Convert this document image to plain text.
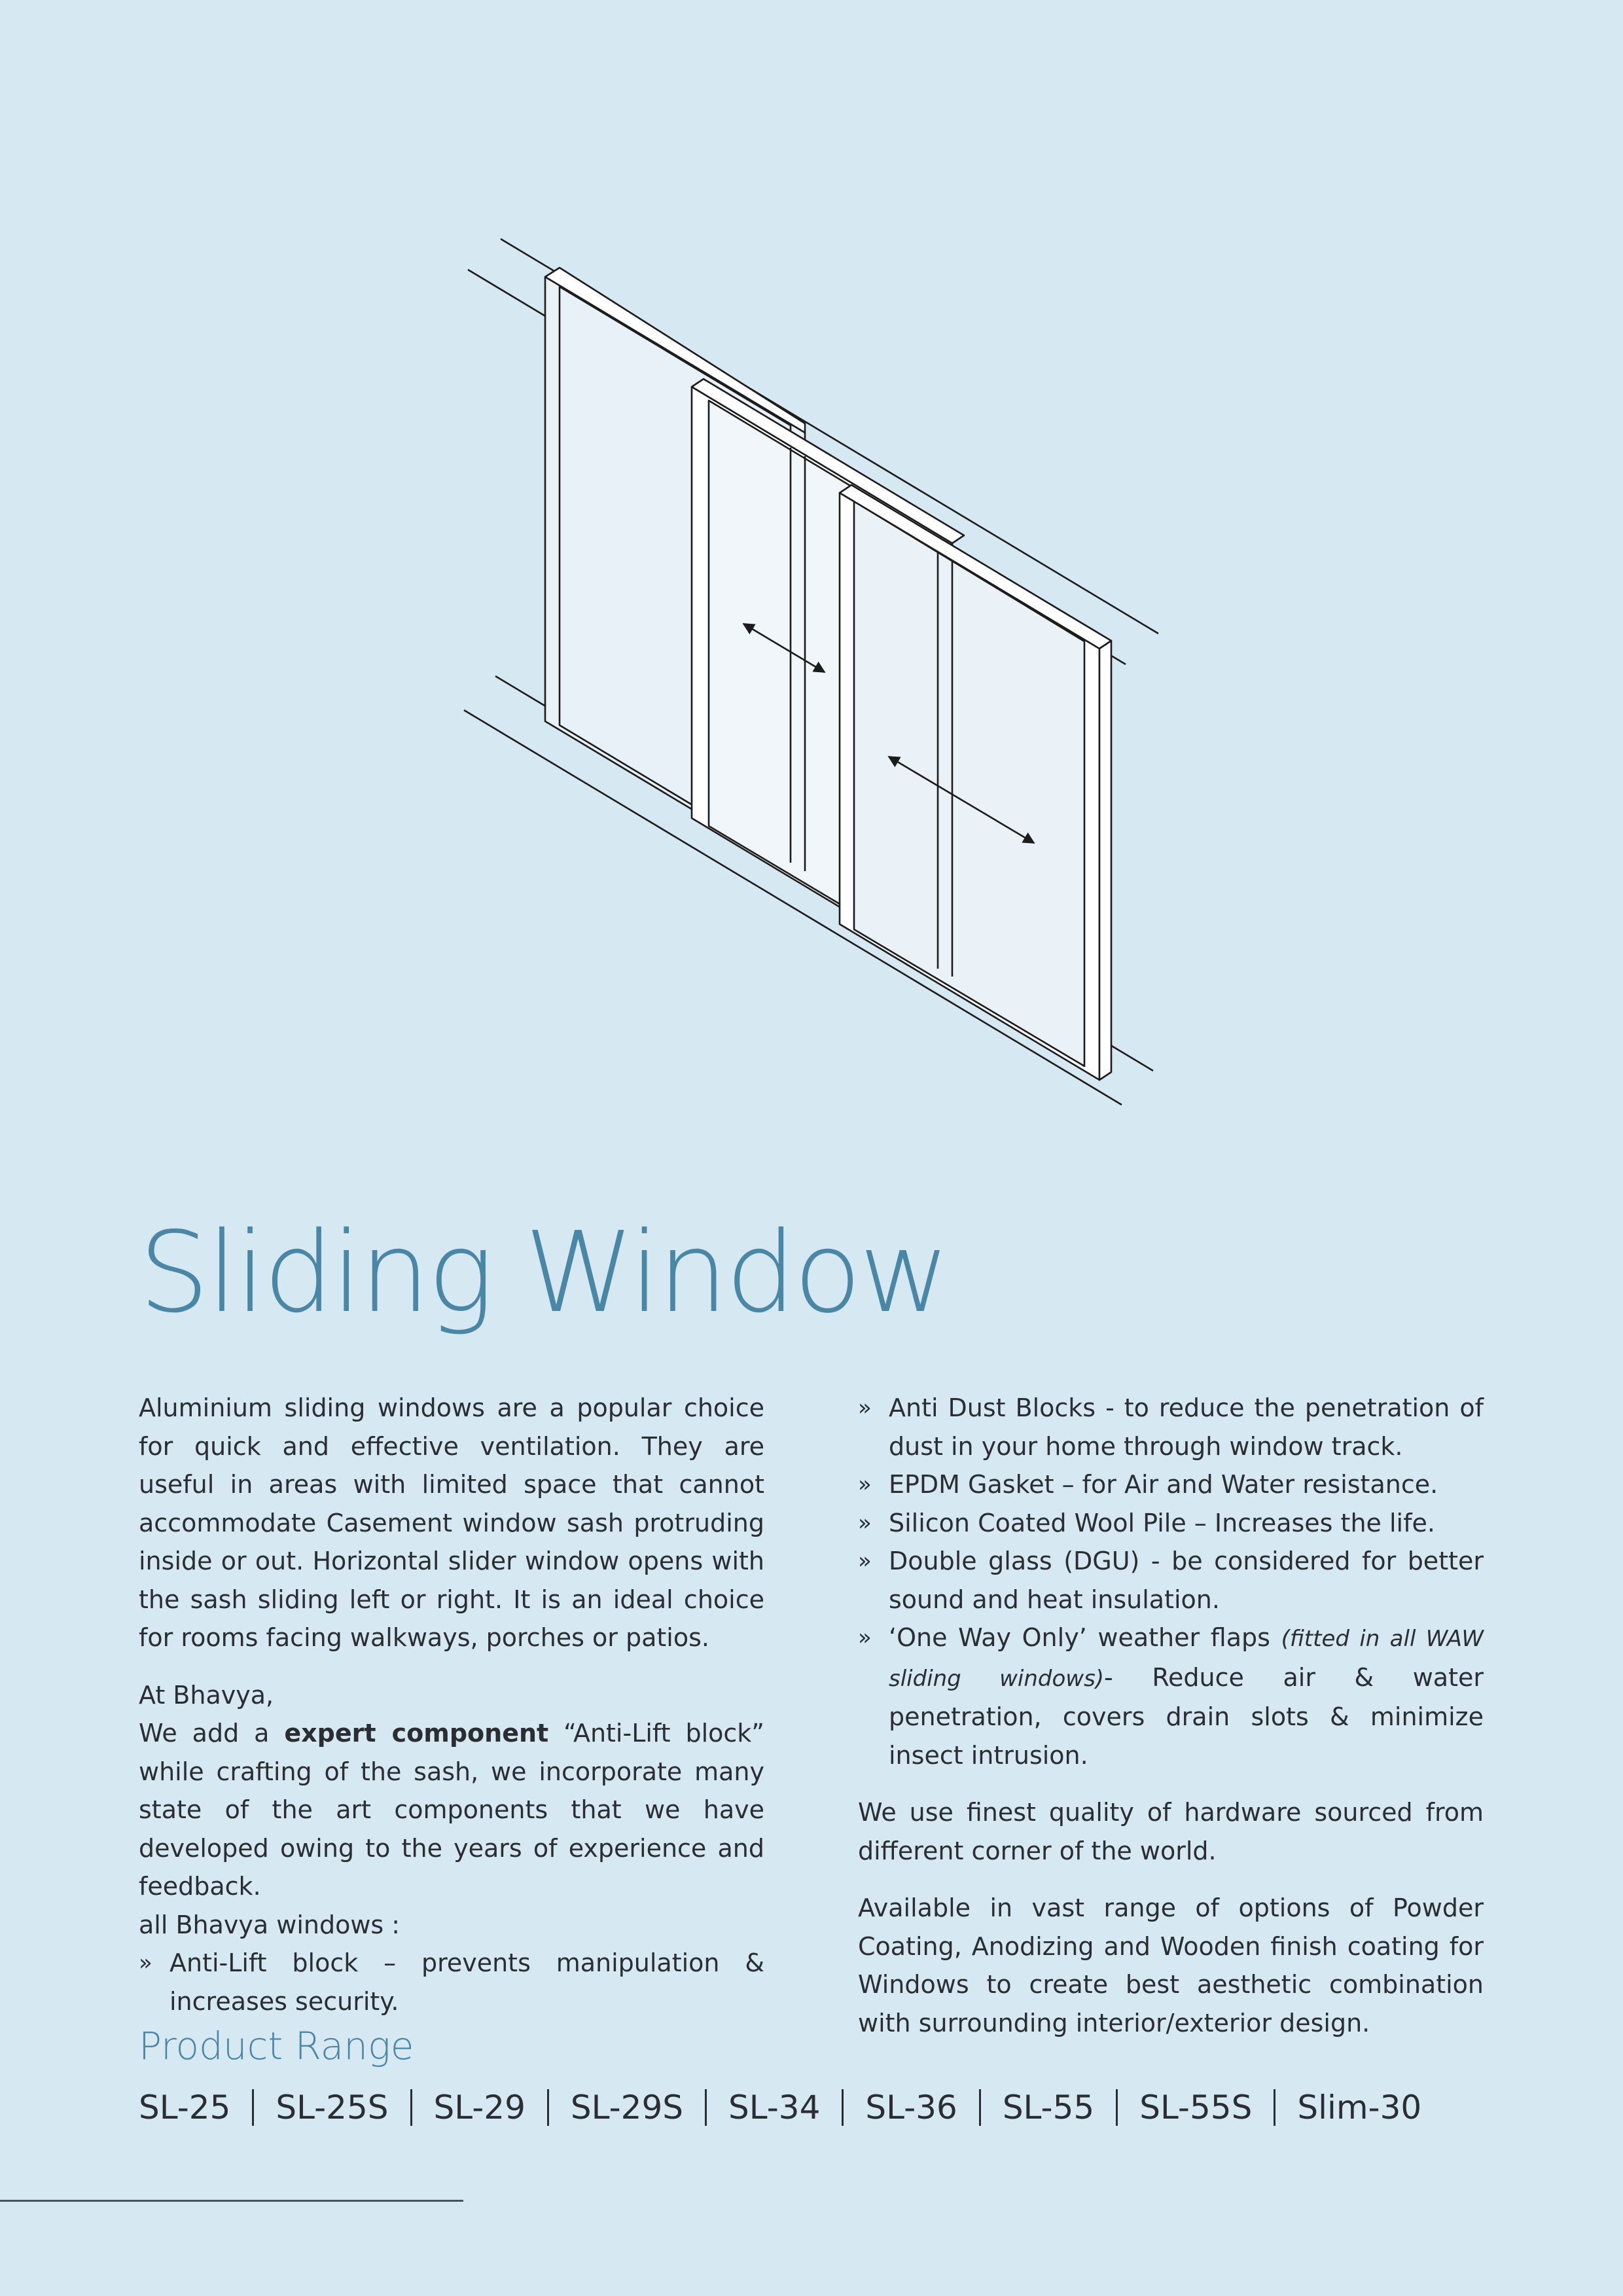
Sliding Window

Aluminium sliding windows are a popular choice for quick and effective ventilation. They are useful in areas with limited space that cannot accommodate Casement window sash protruding inside or out. Horizontal slider window opens with the sash sliding left or right. It is an ideal choice for rooms facing walkways, porches or patios.

At Bhavya,

We add a expert component “Anti-Lift block” while crafting of the sash, we incorporate many state of the art components that we have developed owing to the years of experience and feedback.

all Bhavya windows :

» Anti-Lift block – prevents manipulation & increases security.
» Anti Dust Blocks - to reduce the penetration of dust in your home through window track.
» EPDM Gasket – for Air and Water resistance.
» Silicon Coated Wool Pile – Increases the life.
» Double glass (DGU) - be considered for better sound and heat insulation.
» ‘One Way Only’ weather flaps (fitted in all WAW sliding windows)- Reduce air & water penetration, covers drain slots & minimize insect intrusion.

We use finest quality of hardware sourced from different corner of the world.

Available in vast range of options of Powder Coating, Anodizing and Wooden finish coating for Windows to create best aesthetic combination with surrounding interior/exterior design.

Product Range
SL-25 SL-25S SL-29 SL-29S SL-34 SL-36 SL-55 SL-55S Slim-30
